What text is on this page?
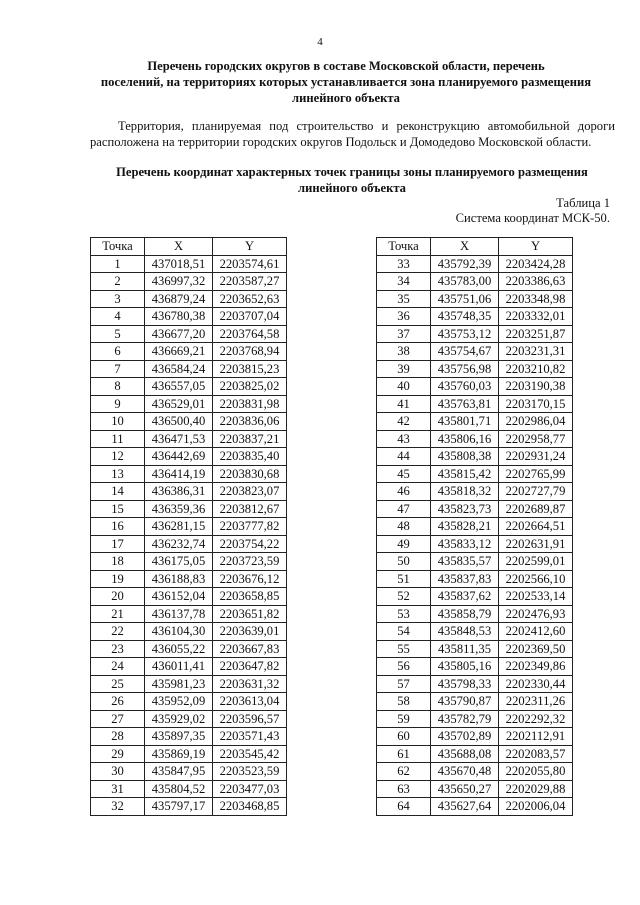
4
Перечень городских округов в составе Московской области, перечень
поселений, на территориях которых устанавливается зона планируемого размещения
линейного объекта
Территория, планируемая под строительство и реконструкцию автомобильной дороги расположена на территории городских округов Подольск и Домодедово Московской области.
Перечень координат характерных точек границы зоны планируемого размещения
линейного объекта
Таблица 1
Система координат МСК-50.
Точка	X	Y
1	437018,51	2203574,61
2	436997,32	2203587,27
3	436879,24	2203652,63
4	436780,38	2203707,04
5	436677,20	2203764,58
6	436669,21	2203768,94
7	436584,24	2203815,23
8	436557,05	2203825,02
9	436529,01	2203831,98
10	436500,40	2203836,06
11	436471,53	2203837,21
12	436442,69	2203835,40
13	436414,19	2203830,68
14	436386,31	2203823,07
15	436359,36	2203812,67
16	436281,15	2203777,82
17	436232,74	2203754,22
18	436175,05	2203723,59
19	436188,83	2203676,12
20	436152,04	2203658,85
21	436137,78	2203651,82
22	436104,30	2203639,01
23	436055,22	2203667,83
24	436011,41	2203647,82
25	435981,23	2203631,32
26	435952,09	2203613,04
27	435929,02	2203596,57
28	435897,35	2203571,43
29	435869,19	2203545,42
30	435847,95	2203523,59
31	435804,52	2203477,03
32	435797,17	2203468,85
Точка	X	Y
33	435792,39	2203424,28
34	435783,00	2203386,63
35	435751,06	2203348,98
36	435748,35	2203332,01
37	435753,12	2203251,87
38	435754,67	2203231,31
39	435756,98	2203210,82
40	435760,03	2203190,38
41	435763,81	2203170,15
42	435801,71	2202986,04
43	435806,16	2202958,77
44	435808,38	2202931,24
45	435815,42	2202765,99
46	435818,32	2202727,79
47	435823,73	2202689,87
48	435828,21	2202664,51
49	435833,12	2202631,91
50	435835,57	2202599,01
51	435837,83	2202566,10
52	435837,62	2202533,14
53	435858,79	2202476,93
54	435848,53	2202412,60
55	435811,35	2202369,50
56	435805,16	2202349,86
57	435798,33	2202330,44
58	435790,87	2202311,26
59	435782,79	2202292,32
60	435702,89	2202112,91
61	435688,08	2202083,57
62	435670,48	2202055,80
63	435650,27	2202029,88
64	435627,64	2202006,04
